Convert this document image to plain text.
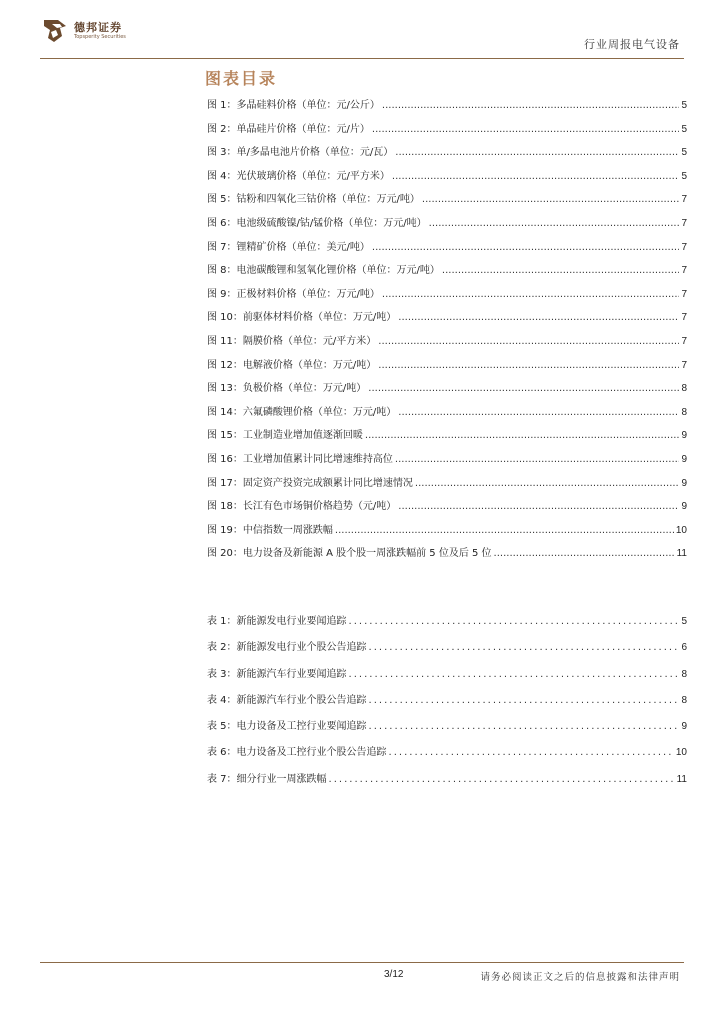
德邦证券
Topsperity Securities
行业周报电气设备
图表目录
图 1：多晶硅料价格（单位：元/公斤） .....	5
图 2：单晶硅片价格（单位：元/片） .....	5
图 3：单/多晶电池片价格（单位：元/瓦） .....	5
图 4：光伏玻璃价格（单位：元/平方米） .....	5
图 5：钴粉和四氧化三钴价格（单位：万元/吨） .....	7
图 6：电池级硫酸镍/钴/锰价格（单位：万元/吨） .....	7
图 7：锂精矿价格（单位：美元/吨） .....	7
图 8：电池碳酸锂和氢氧化锂价格（单位：万元/吨） .....	7
图 9：正极材料价格（单位：万元/吨） .....	7
图 10：前驱体材料价格（单位：万元/吨） .....	7
图 11：隔膜价格（单位：元/平方米） .....	7
图 12：电解液价格（单位：万元/吨） .....	7
图 13：负极价格（单位：万元/吨） .....	8
图 14：六氟磷酸锂价格（单位：万元/吨） .....	8
图 15：工业制造业增加值逐渐回暖 .....	9
图 16：工业增加值累计同比增速维持高位 .....	9
图 17：固定资产投资完成额累计同比增速情况 .....	9
图 18：长江有色市场铜价格趋势（元/吨） .....	9
图 19：中信指数一周涨跌幅 .....	10
图 20：电力设备及新能源 A 股个股一周涨跌幅前 5 位及后 5 位 .....	11
表 1：新能源发电行业要闻追踪 .....	5
表 2：新能源发电行业个股公告追踪 .....	6
表 3：新能源汽车行业要闻追踪 .....	8
表 4：新能源汽车行业个股公告追踪 .....	8
表 5：电力设备及工控行业要闻追踪 .....	9
表 6：电力设备及工控行业个股公告追踪 .....	10
表 7：细分行业一周涨跌幅 .....	11
3/12	请务必阅读正文之后的信息披露和法律声明
